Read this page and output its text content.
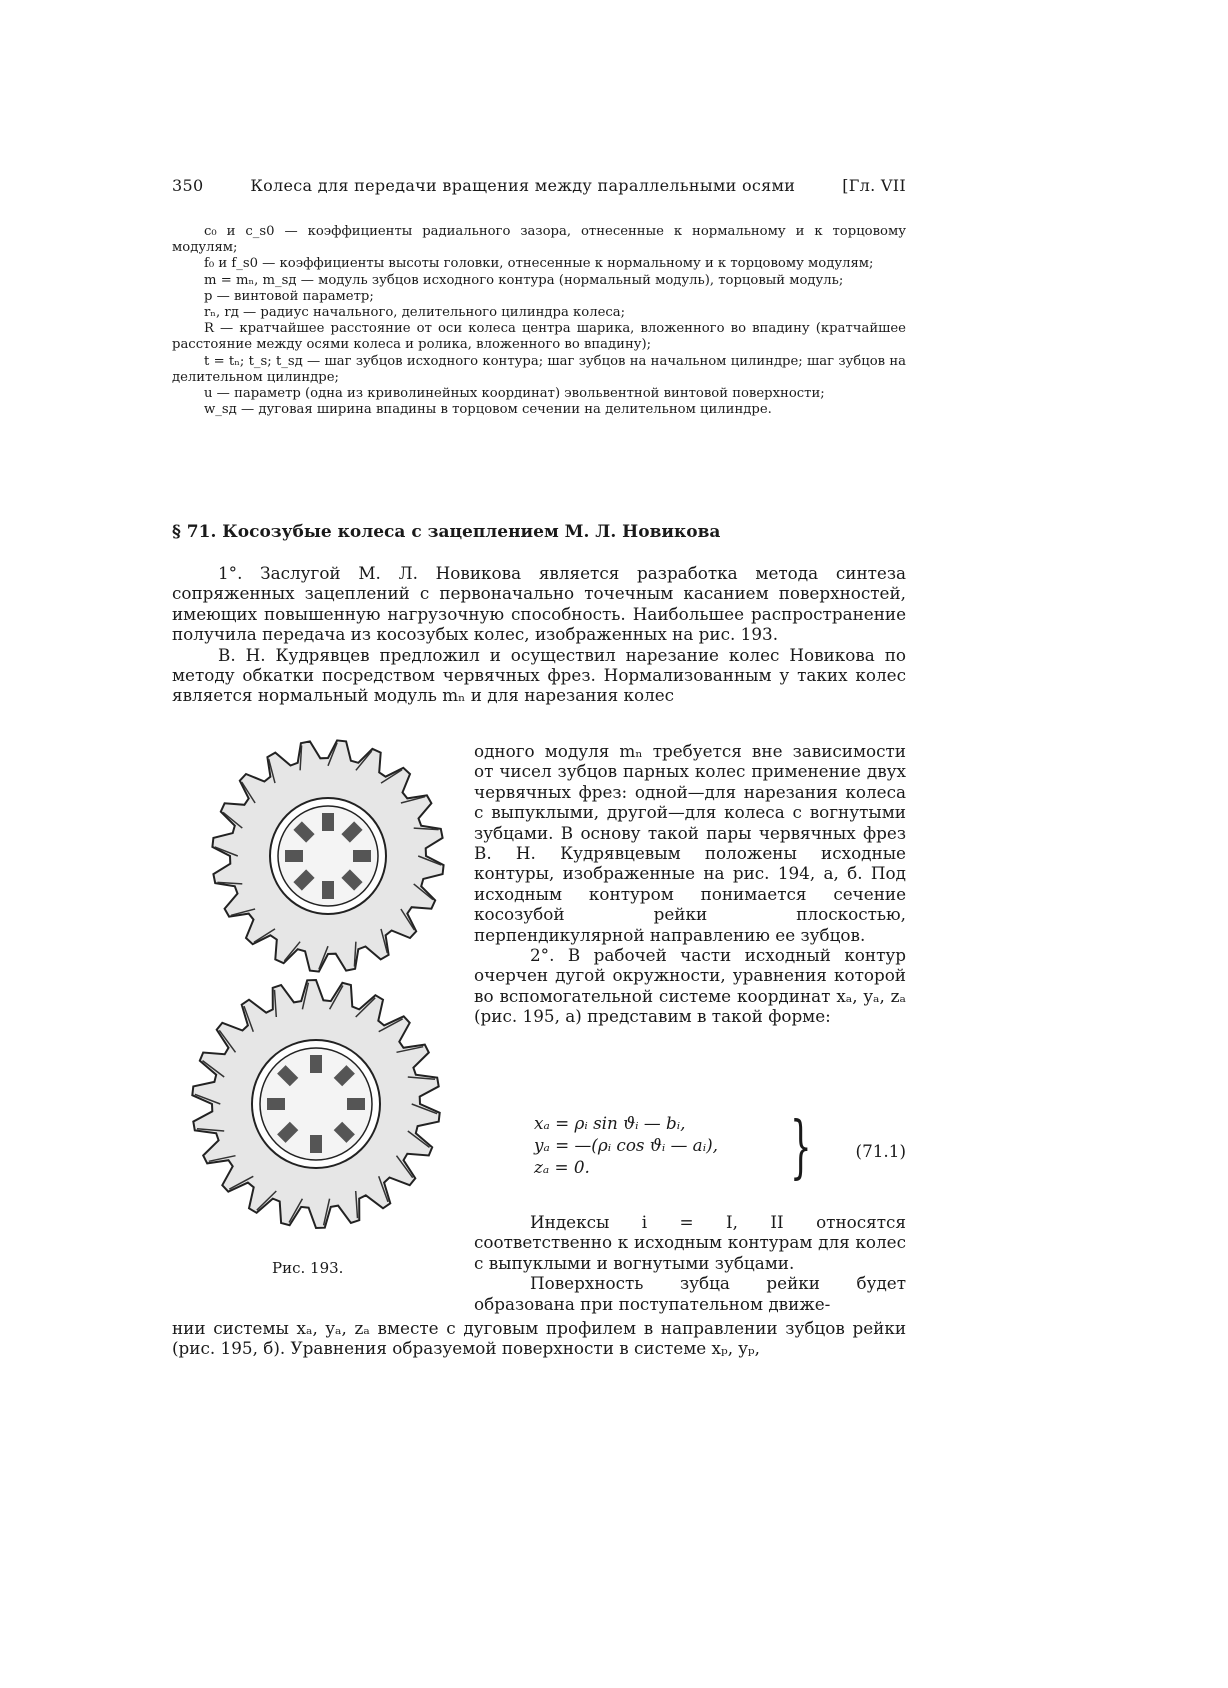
350	Колеса для передачи вращения между параллельными осями	[Гл. VII

c₀ и c_s0 — коэффициенты радиального зазора, отнесенные к нормальному и к торцовому модулям;

f₀ и f_s0 — коэффициенты высоты головки, отнесенные к нормальному и к торцовому модулям;

m = mₙ, m_sд — модуль зубцов исходного контура (нормальный модуль), торцовый модуль;

p — винтовой параметр;

rₙ, rд — радиус начального, делительного цилиндра колеса;

R — кратчайшее расстояние от оси колеса центра шарика, вложенного во впадину (кратчайшее расстояние между осями колеса и ролика, вложенного во впадину);

t = tₙ; t_s; t_sд — шаг зубцов исходного контура; шаг зубцов на начальном цилиндре; шаг зубцов на делительном цилиндре;

u — параметр (одна из криволинейных координат) эвольвентной винтовой поверхности;

w_sд — дуговая ширина впадины в торцовом сечении на делительном цилиндре.

§ 71. Косозубые колеса с зацеплением М. Л. Новикова

1°. Заслугой М. Л. Новикова является разработка метода синтеза сопряженных зацеплений с первоначально точечным касанием поверхностей, имеющих повышенную нагрузочную способность. Наибольшее распространение получила передача из косозубых колес, изображенных на рис. 193.

В. Н. Кудрявцев предложил и осуществил нарезание колес Новикова по методу обкатки посредством червячных фрез. Нормализованным у таких колес является нормальный модуль mₙ и для нарезания колес

Рис. 193.

одного модуля mₙ требуется вне зависимости от чисел зубцов парных колес применение двух червячных фрез: одной—для нарезания колеса с выпуклыми, другой—для колеса с вогнутыми зубцами. В основу такой пары червячных фрез В. Н. Кудрявцевым положены исходные контуры, изображенные на рис. 194, а, б. Под исходным контуром понимается сечение косозубой рейки плоскостью, перпендикулярной направлению ее зубцов.

2°. В рабочей части исходный контур очерчен дугой окружности, уравнения которой во вспомогательной системе координат xₐ, yₐ, zₐ (рис. 195, а) представим в такой форме:

xₐ = ρᵢ sin ϑᵢ — bᵢ,
yₐ = —(ρᵢ cos ϑᵢ — aᵢ),
zₐ = 0.	}	(71.1)

Индексы i = I, II относятся соответственно к исходным контурам для колес с выпуклыми и вогнутыми зубцами.

Поверхность зубца рейки будет образована при поступательном движе-

нии системы xₐ, yₐ, zₐ вместе с дуговым профилем в направлении зубцов рейки (рис. 195, б). Уравнения образуемой поверхности в системе xₚ, yₚ,
